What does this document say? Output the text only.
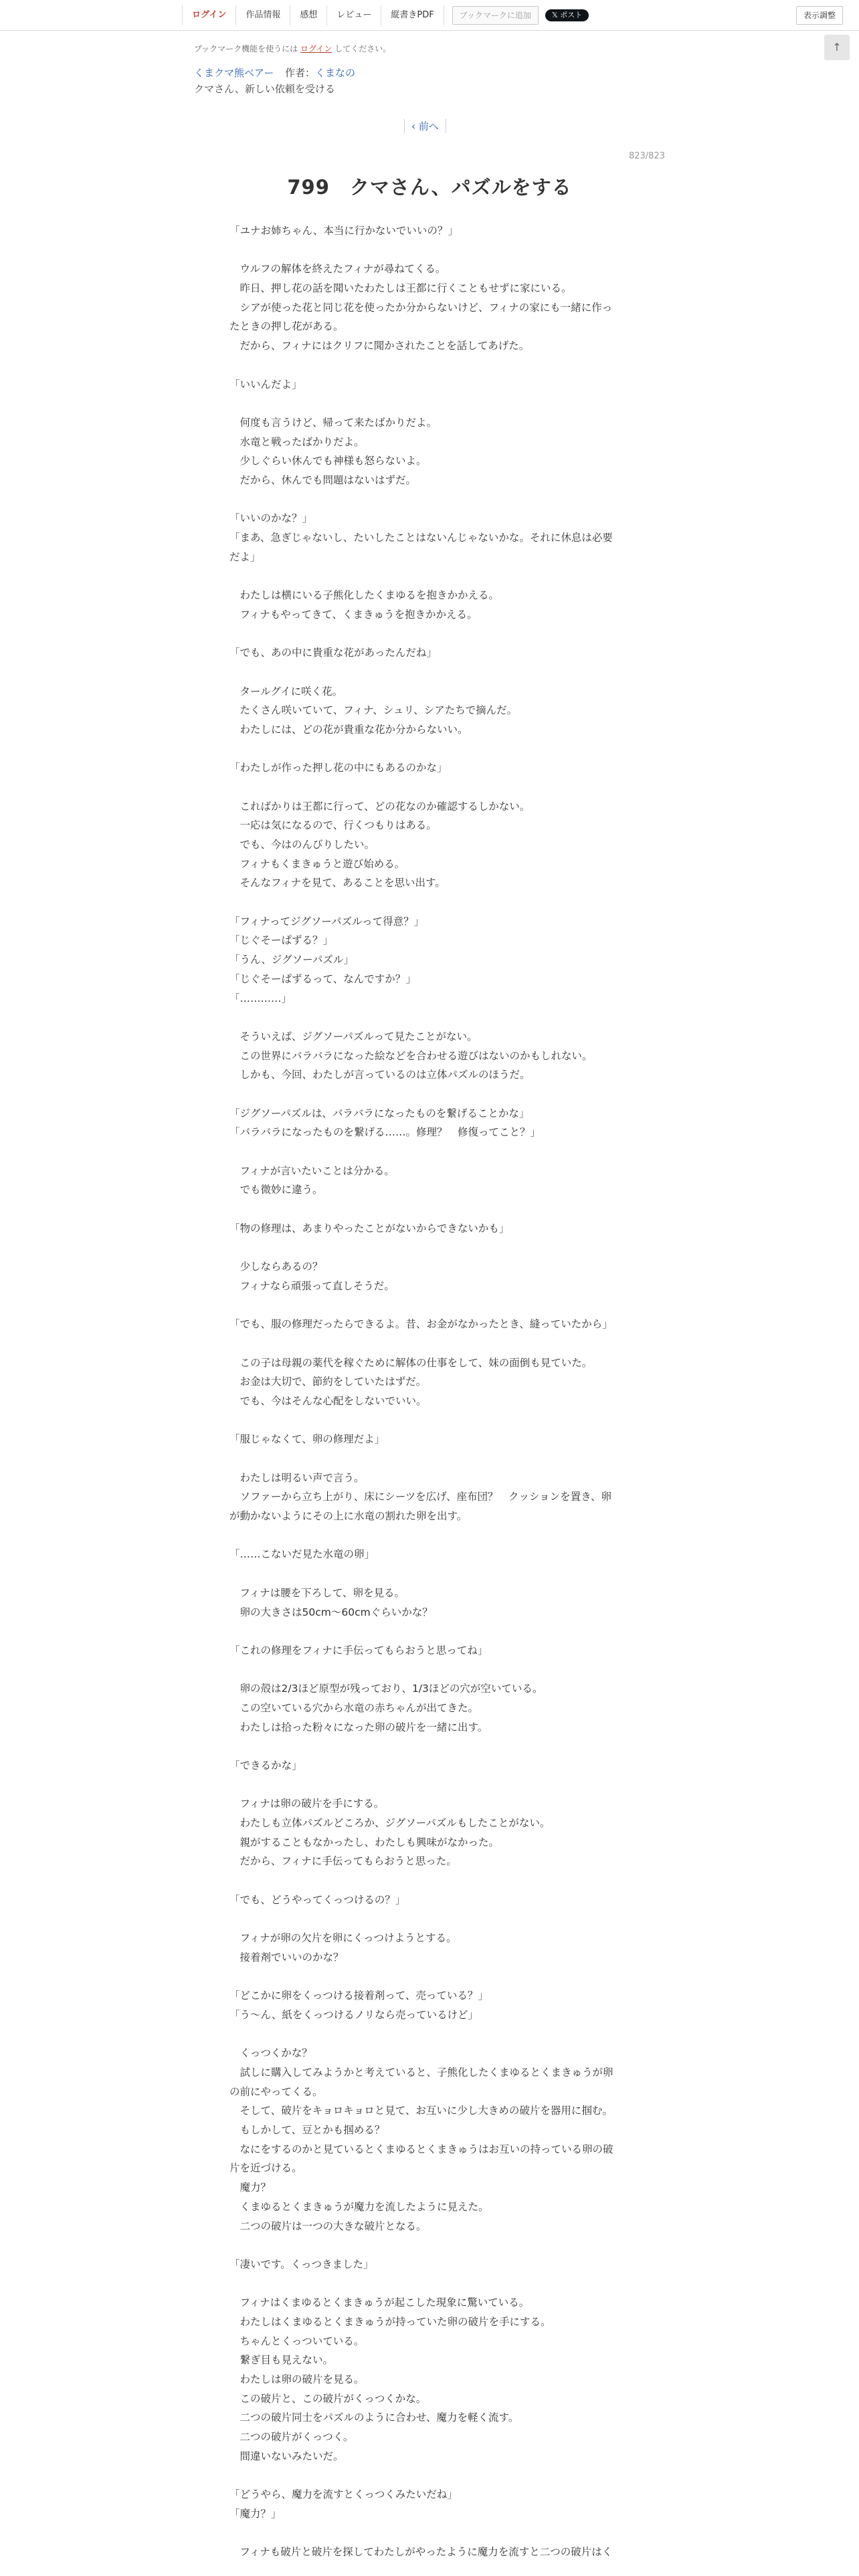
ログイン	作品情報	感想	レビュー	縦書きPDF	ブックマークに追加	𝕏 ポスト	表示調整
ブックマーク機能を使うには ログイン してください。	↑
くまクマ熊ベアー 作者：くまなの
クマさん、新しい依頼を受ける
‹ 前へ
823/823
799　クマさん、パズルをする

「ユナお姉ちゃん、本当に行かないでいいの？」

　ウルフの解体を終えたフィナが尋ねてくる。

　昨日、押し花の話を聞いたわたしは王都に行くこともせずに家にいる。

　シアが使った花と同じ花を使ったか分からないけど、フィナの家にも一緒に作っ

たときの押し花がある。

　だから、フィナにはクリフに聞かされたことを話してあげた。

「いいんだよ」

　何度も言うけど、帰って来たばかりだよ。

　水竜と戦ったばかりだよ。

　少しぐらい休んでも神様も怒らないよ。

　だから、休んでも問題はないはずだ。

「いいのかな？」

「まあ、急ぎじゃないし、たいしたことはないんじゃないかな。それに休息は必要

だよ」

　わたしは横にいる子熊化したくまゆるを抱きかかえる。

　フィナもやってきて、くまきゅうを抱きかかえる。

「でも、あの中に貴重な花があったんだね」

　タールグイに咲く花。

　たくさん咲いていて、フィナ、シュリ、シアたちで摘んだ。

　わたしには、どの花が貴重な花か分からないい。

「わたしが作った押し花の中にもあるのかな」

　こればかりは王都に行って、どの花なのか確認するしかない。

　一応は気になるので、行くつもりはある。

　でも、今はのんびりしたい。

　フィナもくまきゅうと遊び始める。

　そんなフィナを見て、あることを思い出す。

「フィナってジグソーパズルって得意？」

「じぐそーぱずる？」

「うん、ジグソーパズル」

「じぐそーぱずるって、なんですか？」

「…………」

　そういえば、ジグソーパズルって見たことがない。

　この世界にバラバラになった絵などを合わせる遊びはないのかもしれない。

　しかも、今回、わたしが言っているのは立体パズルのほうだ。

「ジグソーパズルは、バラバラになったものを繋げることかな」

「バラバラになったものを繋げる……。修理？　修復ってこと？」

　フィナが言いたいことは分かる。

　でも微妙に違う。

「物の修理は、あまりやったことがないからできないかも」

　少しならあるの？

　フィナなら頑張って直しそうだ。

「でも、服の修理だったらできるよ。昔、お金がなかったとき、縫っていたから」

　この子は母親の薬代を稼ぐために解体の仕事をして、妹の面倒も見ていた。

　お金は大切で、節約をしていたはずだ。

　でも、今はそんな心配をしないでいい。

「服じゃなくて、卵の修理だよ」

　わたしは明るい声で言う。

　ソファーから立ち上がり、床にシーツを広げ、座布団？　クッションを置き、卵

が動かないようにその上に水竜の割れた卵を出す。

「……こないだ見た水竜の卵」

　フィナは腰を下ろして、卵を見る。

　卵の大きさは50cm〜60cmぐらいかな？

「これの修理をフィナに手伝ってもらおうと思ってね」

　卵の殻は2/3ほど原型が残っており、1/3ほどの穴が空いている。

　この空いている穴から水竜の赤ちゃんが出てきた。

　わたしは拾った粉々になった卵の破片を一緒に出す。

「できるかな」

　フィナは卵の破片を手にする。

　わたしも立体パズルどころか、ジグソーパズルもしたことがない。

　親がすることもなかったし、わたしも興味がなかった。

　だから、フィナに手伝ってもらおうと思った。

「でも、どうやってくっつけるの？」

　フィナが卵の欠片を卵にくっつけようとする。

　接着剤でいいのかな？

「どこかに卵をくっつける接着剤って、売っている？」

「う〜ん、紙をくっつけるノリなら売っているけど」

　くっつくかな？

　試しに購入してみようかと考えていると、子熊化したくまゆるとくまきゅうが卵

の前にやってくる。

　そして、破片をキョロキョロと見て、お互いに少し大きめの破片を器用に掴む。

　もしかして、豆とかも掴める？

　なにをするのかと見ているとくまゆるとくまきゅうはお互いの持っている卵の破

片を近づける。

　魔力？

　くまゆるとくまきゅうが魔力を流したように見えた。

　二つの破片は一つの大きな破片となる。

「凄いです。くっつきました」

　フィナはくまゆるとくまきゅうが起こした現象に驚いている。

　わたしはくまゆるとくまきゅうが持っていた卵の破片を手にする。

　ちゃんとくっついている。

　繋ぎ目も見えない。

　わたしは卵の破片を見る。

　この破片と、この破片がくっつくかな。

　二つの破片同士をパズルのように合わせ、魔力を軽く流す。

　二つの破片がくっつく。

　間違いないみたいだ。

「どうやら、魔力を流すとくっつくみたいだね」

「魔力？」

　フィナも破片と破片を探してわたしがやったように魔力を流すと二つの破片はく
